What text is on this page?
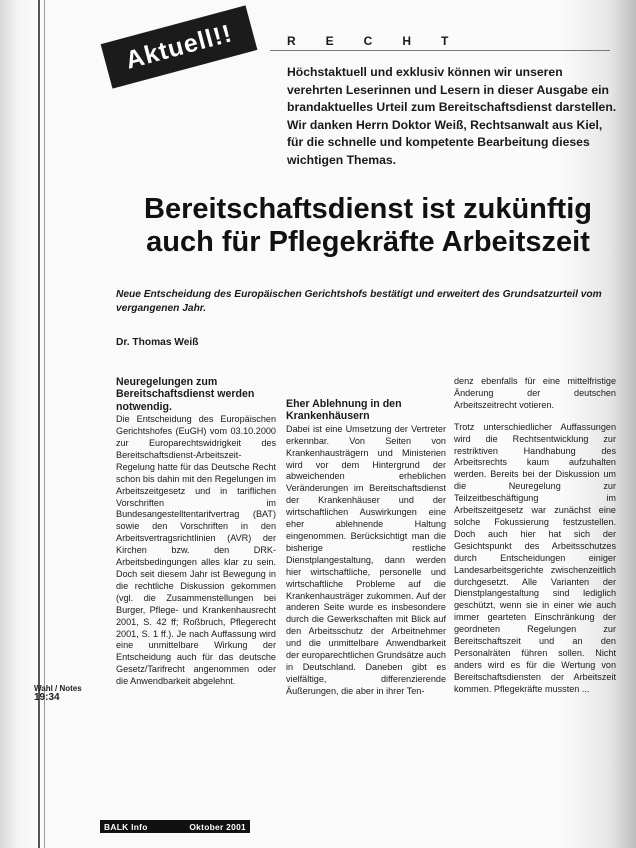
Aktuell!!	RECHT
Höchstaktuell und exklusiv können wir unseren verehrten Leserinnen und Lesern in dieser Ausgabe ein brandaktuelles Urteil zum Bereitschaftsdienst darstellen. Wir danken Herrn Doktor Weiß, Rechtsanwalt aus Kiel, für die schnelle und kompetente Bearbeitung dieses wichtigen Themas.
Bereitschaftsdienst ist zukünftig auch für Pflegekräfte Arbeitszeit
Neue Entscheidung des Europäischen Gerichtshofs bestätigt und erweitert des Grundsatzurteil vom vergangenen Jahr.
Dr. Thomas Weiß
Neuregelungen zum Bereitschaftsdienst werden notwendig.

Die Entscheidung des Europäischen Gerichtshofes (EuGH) vom 03.10.2000 zur Europarechtswidrigkeit des Bereitschaftsdienst-Arbeitszeit-Regelung hatte für das Deutsche Recht schon bis dahin mit den Regelungen im Arbeitszeitgesetz und in tariflichen Vorschriften im Bundesangestelltentarifvertrag (BAT) sowie den Vorschriften in den Arbeitsvertragsrichtlinien (AVR) der Kirchen bzw. den DRK-Arbeitsbedingungen alles klar zu sein. Doch seit diesem Jahr ist Bewegung in die rechtliche Diskussion gekommen (vgl. die Zusammenstellungen bei Burger, Pflege- und Krankenhausrecht 2001, S. 42 ff; Roßbruch, Pflegerecht 2001, S. 1 ff.). Je nach Auffassung wird eine unmittelbare Wirkung der Entscheidung auch für das deutsche Gesetz/Tarifrecht angenommen oder die Anwendbarkeit abgelehnt.

Eher Ablehnung in den Krankenhäusern

Dabei ist eine Umsetzung der Vertreter erkennbar. Von Seiten von Krankenhausträgern und Ministerien wird vor dem Hintergrund der abweichenden erheblichen Veränderungen im Bereitschaftsdienst der Krankenhäuser und der wirtschaftlichen Auswirkungen eine eher ablehnende Haltung eingenommen. Berücksichtigt man die bisherige restliche Dienstplangestaltung, dann werden hier wirtschaftliche, personelle und wirtschaftliche Probleme auf die Krankenhausträger zukommen. Auf der anderen Seite wurde es insbesondere durch die Gewerkschaften mit Blick auf den Arbeitsschutz der Arbeitnehmer und die unmittelbare Anwendbarkeit der europarechtlichen Grundsätze auch in Deutschland. Daneben gibt es vielfältige, differenzierende Äußerungen, die aber in ihrer Ten-

denz ebenfalls für eine mittelfristige Änderung der deutschen Arbeitszeitrecht votieren.

Trotz unterschiedlicher Auffassungen wird die Rechtsentwicklung zur restriktiven Handhabung des Arbeitsrechts kaum aufzuhalten werden. Bereits bei der Diskussion um die Neuregelung zur Teilzeitbeschäftigung im Arbeitszeitgesetz war zunächst eine solche Fokussierung festzustellen. Doch auch hier hat sich der Gesichtspunkt des Arbeitsschutzes durch Entscheidungen einiger Landesarbeitsgerichte zwischenzeitlich durchgesetzt. Alle Varianten der Dienstplangestaltung sind lediglich geschützt, wenn sie in einer wie auch immer gearteten Einschränkung der geordneten Regelungen zur Bereitschaftszeit und an den Personalräten führen sollen. Nicht anders wird es für die Wertung von Bereitschaftsdiensten der Arbeitszeit kommen. Pflegekräfte mussten ...

Wahl / Notes
19:34
BALK Info	Oktober 2001
